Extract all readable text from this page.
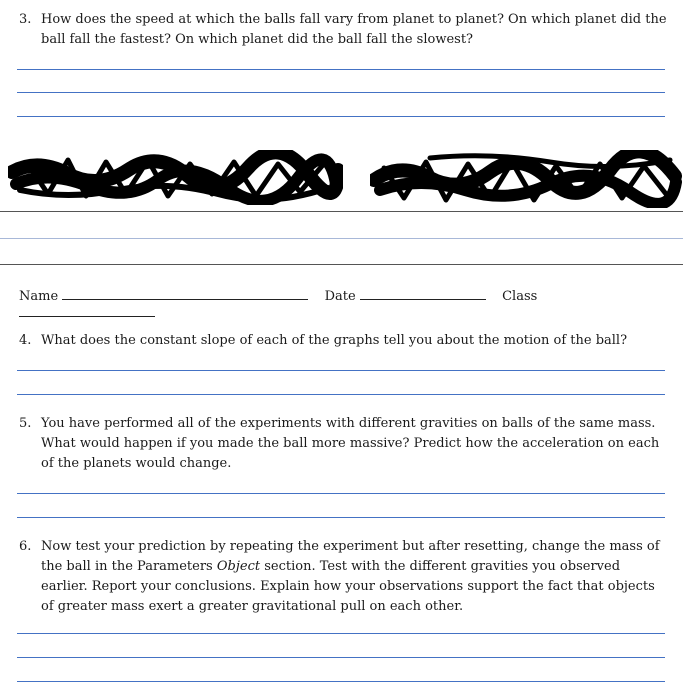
3. How does the speed at which the balls fall vary from planet to planet? On which planet did the ball fall the fastest? On which planet did the ball fall the slowest?
Name	Date	Class
4. What does the constant slope of each of the graphs tell you about the motion of the ball?
5. You have performed all of the experiments with different gravities on balls of the same mass. What would happen if you made the ball more massive? Predict how the acceleration on each of the planets would change.
6. Now test your prediction by repeating the experiment but after resetting, change the mass of the ball in the Parameters Object section. Test with the different gravities you observed earlier. Report your conclusions. Explain how your observations support the fact that objects of greater mass exert a greater gravitational pull on each other.
